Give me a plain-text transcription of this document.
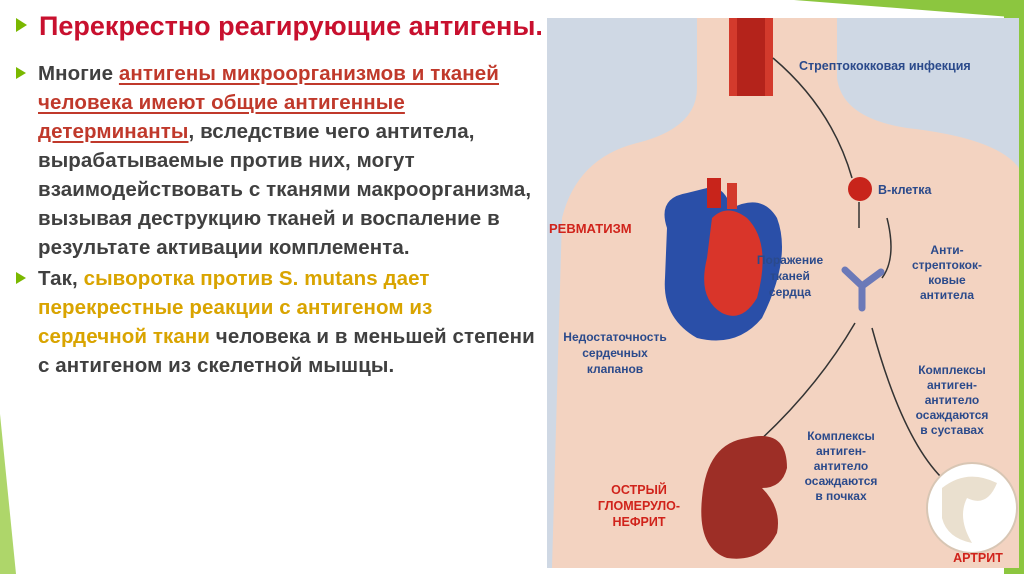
Перекрестно реагирующие антигены.
Многие антигены микроорганизмов и тканей человека имеют общие антигенные детерминанты, вследствие чего антитела, вырабатываемые против них, могут взаимодействовать с тканями макроорганизма, вызывая деструкцию тканей и воспаление в результате активации комплемента.
Так, сыворотка против S. mutans дает перекрестные реакции с антигеном из сердечной ткани человека и в меньшей степени с антигеном из скелетной мышцы.
Стрептококковая инфекция
В-клетка
РЕВМАТИЗМ
Поражение
тканей
сердца
Анти-
стрептокок-
ковые
антитела
Недостаточность
сердечных
клапанов	Комплексы
антиген-
антитело
осаждаются
в суставах
Комплексы
антиген-
антитело
осаждаются
в почках
ОСТРЫЙ
ГЛОМЕРУЛО-
НЕФРИТ
АРТРИТ
